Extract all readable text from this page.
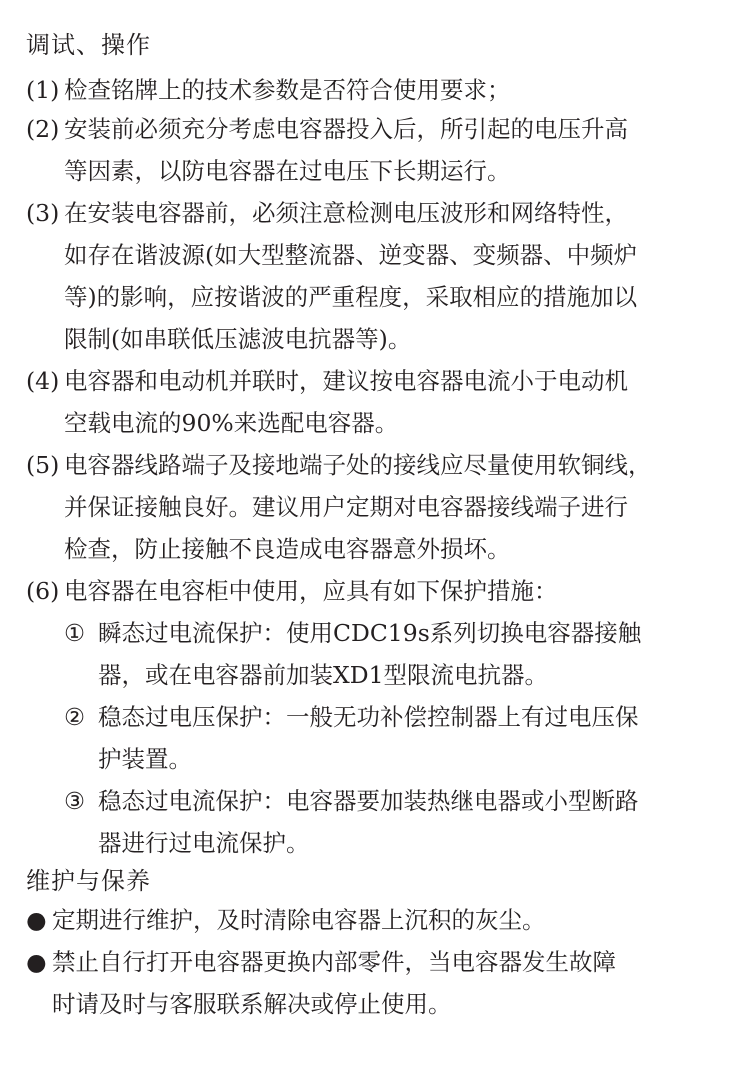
调试、操作
(1) 检查铭牌上的技术参数是否符合使用要求；
(2) 安装前必须充分考虑电容器投入后，所引起的电压升高
等因素，以防电容器在过电压下长期运行。
(3) 在安装电容器前，必须注意检测电压波形和网络特性，
如存在谐波源(如大型整流器、逆变器、变频器、中频炉
等)的影响，应按谐波的严重程度，采取相应的措施加以
限制(如串联低压滤波电抗器等)。
(4) 电容器和电动机并联时，建议按电容器电流小于电动机
空载电流的90%来选配电容器。
(5) 电容器线路端子及接地端子处的接线应尽量使用软铜线，
并保证接触良好。建议用户定期对电容器接线端子进行
检查，防止接触不良造成电容器意外损坏。
(6) 电容器在电容柜中使用，应具有如下保护措施：
① 瞬态过电流保护：使用CDC19s系列切换电容器接触
器，或在电容器前加装XD1型限流电抗器。
② 稳态过电压保护：一般无功补偿控制器上有过电压保
护装置。
③ 稳态过电流保护：电容器要加装热继电器或小型断路
器进行过电流保护。
维护与保养
● 定期进行维护，及时清除电容器上沉积的灰尘。
● 禁止自行打开电容器更换内部零件，当电容器发生故障
时请及时与客服联系解决或停止使用。
